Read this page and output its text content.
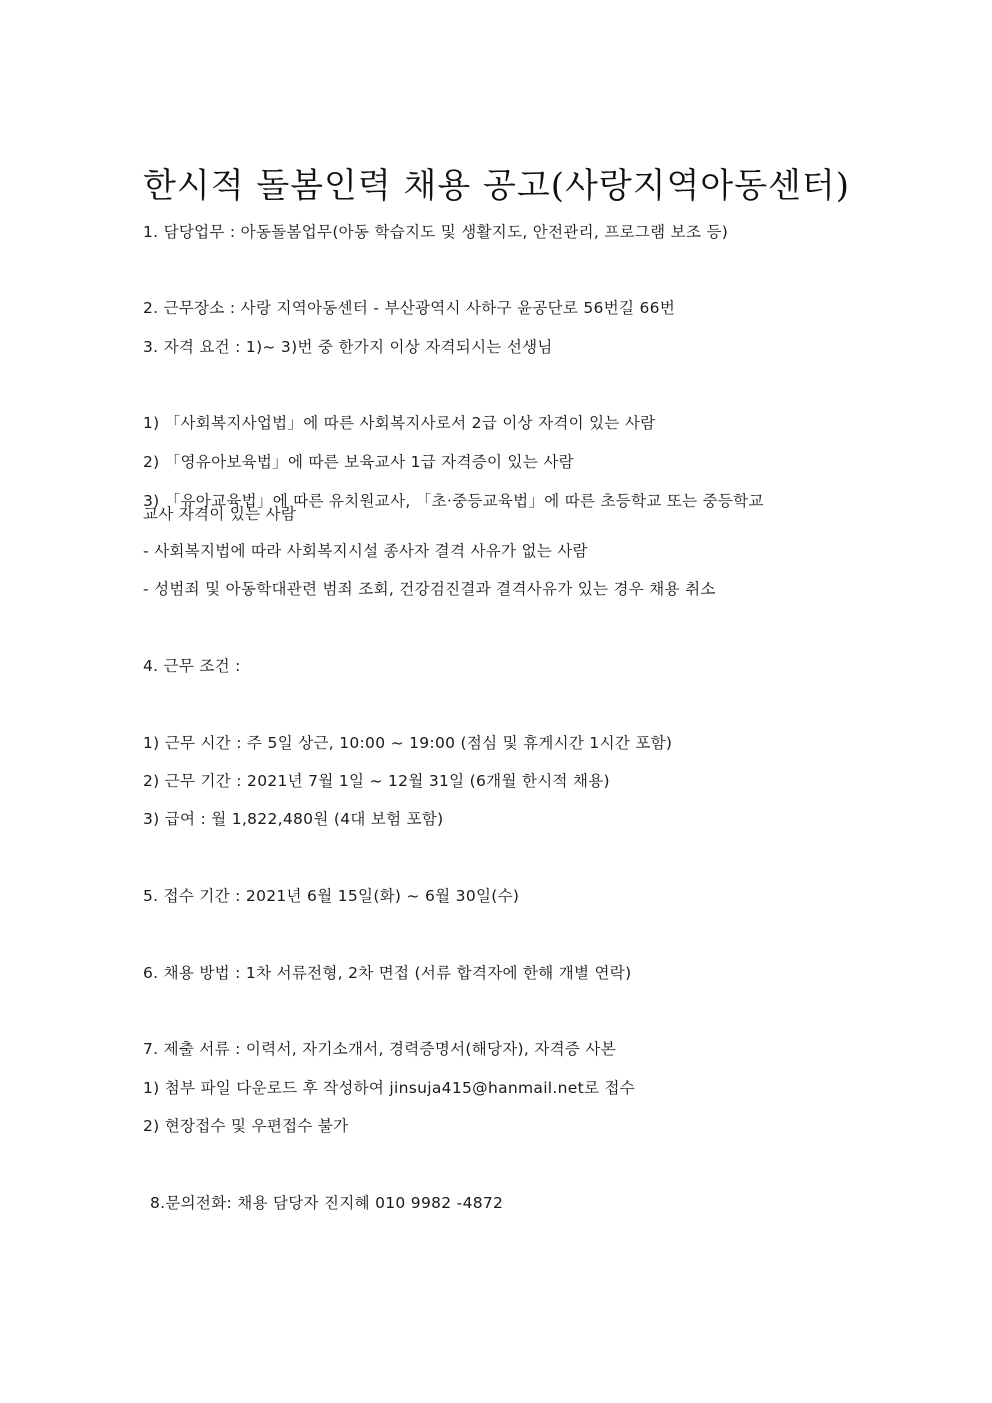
한시적 돌봄인력 채용 공고(사랑지역아동센터)
1. 담당업무 : 아동돌봄업무(아동 학습지도 및 생활지도, 안전관리, 프로그램 보조 등)
2. 근무장소 : 사랑 지역아동센터 - 부산광역시 사하구 윤공단로 56번길 66번
3. 자격 요건 : 1)~ 3)번 중 한가지 이상 자격되시는 선생님
1) 「사회복지사업법」에 따른 사회복지사로서 2급 이상 자격이 있는 사람
2) 「영유아보육법」에 따른 보육교사 1급 자격증이 있는 사람
3) 「유아교육법」에 따른 유치원교사, 「초·중등교육법」에 따른 초등학교 또는 중등학교
교사 자격이 있는 사람
- 사회복지법에 따라 사회복지시설 종사자 결격 사유가 없는 사람
- 성범죄 및 아동학대관련 범죄 조회, 건강검진결과 결격사유가 있는 경우 채용 취소
4. 근무 조건 :
1) 근무 시간 : 주 5일 상근, 10:00 ~ 19:00 (점심 및 휴게시간 1시간 포함)
2) 근무 기간 : 2021년 7월 1일 ~ 12월 31일 (6개월 한시적 채용)
3) 급여 : 월 1,822,480원 (4대 보험 포함)
5. 접수 기간 : 2021년 6월 15일(화) ~ 6월 30일(수)
6. 채용 방법 : 1차 서류전형, 2차 면접 (서류 합격자에 한해 개별 연락)
7. 제출 서류 : 이력서, 자기소개서, 경력증명서(해당자), 자격증 사본
1) 첨부 파일 다운로드 후 작성하여 jinsuja415@hanmail.net로 접수
2) 현장접수 및 우편접수 불가
8.문의전화: 채용 담당자 진지혜 010 9982 -4872
